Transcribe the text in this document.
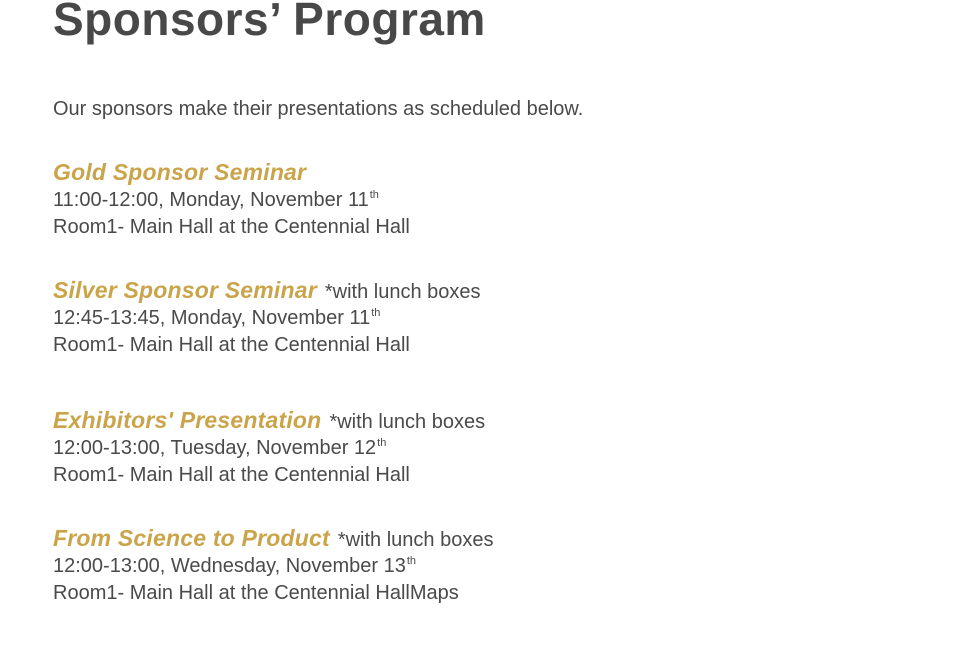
Sponsors’ Program

Our sponsors make their presentations as scheduled below.

Gold Sponsor Seminar
11:00-12:00, Monday, November 11th
Room1- Main Hall at the Centennial Hall
Silver Sponsor Seminar *with lunch boxes
12:45-13:45, Monday, November 11th
Room1- Main Hall at the Centennial Hall
Exhibitors' Presentation *with lunch boxes
12:00-13:00, Tuesday, November 12th
Room1- Main Hall at the Centennial Hall
From Science to Product *with lunch boxes
12:00-13:00, Wednesday, November 13th
Room1- Main Hall at the Centennial HallMaps
